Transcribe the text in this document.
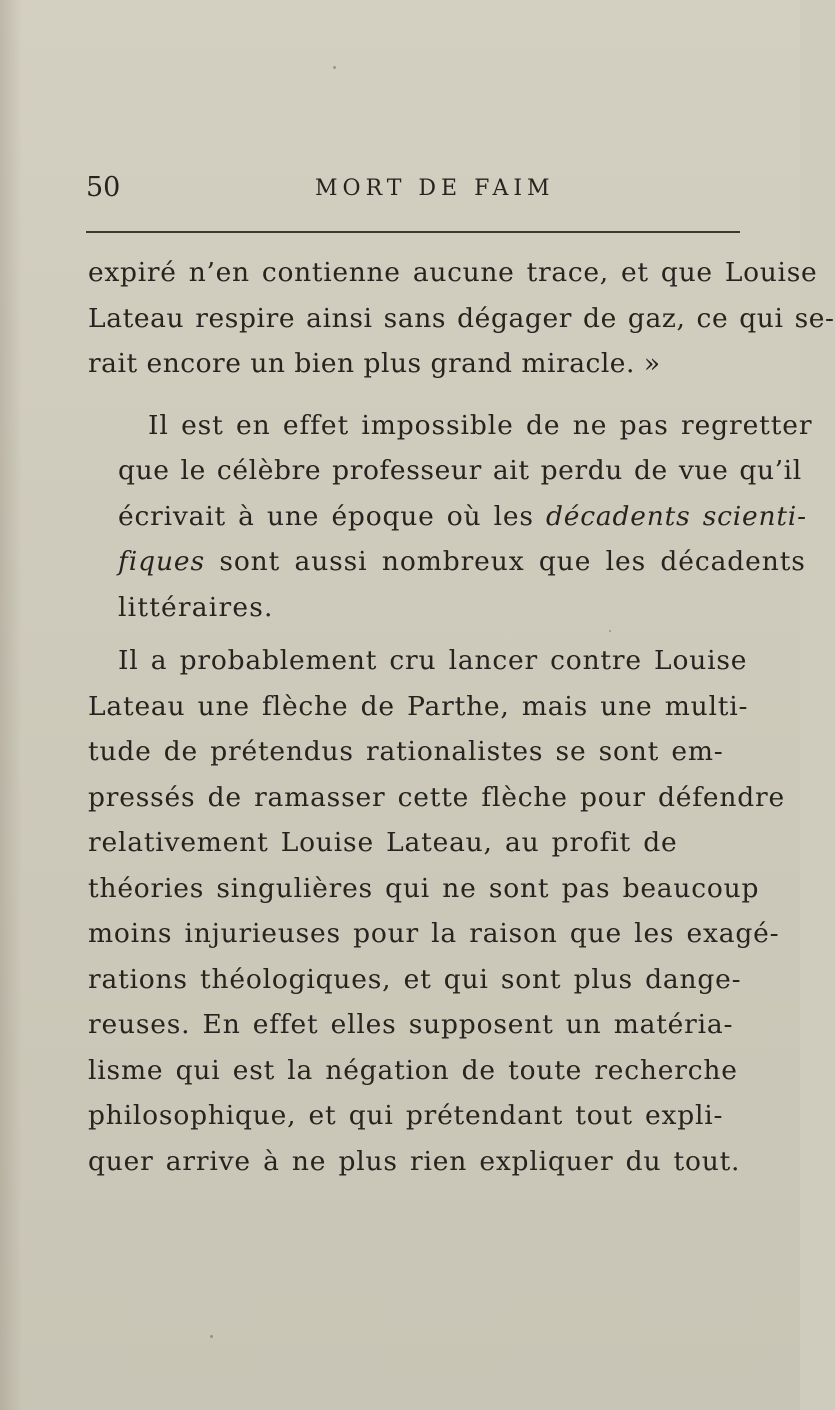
50	MORT DE FAIM

expiré n’en contienne aucune trace, et que Louise
Lateau respire ainsi sans dégager de gaz, ce qui se-
rait encore un bien plus grand miracle. »

Il est en effet impossible de ne pas regretter
que le célèbre professeur ait perdu de vue qu’il
écrivait à une époque où les décadents scienti-
fiques sont aussi nombreux que les décadents
littéraires.

Il a probablement cru lancer contre Louise
Lateau une flèche de Parthe, mais une multi-
tude de prétendus rationalistes se sont em-
pressés de ramasser cette flèche pour défendre
relativement Louise Lateau, au profit de
théories singulières qui ne sont pas beaucoup
moins injurieuses pour la raison que les exagé-
rations théologiques, et qui sont plus dange-
reuses. En effet elles supposent un matéria-
lisme qui est la négation de toute recherche
philosophique, et qui prétendant tout expli-
quer arrive à ne plus rien expliquer du tout.
